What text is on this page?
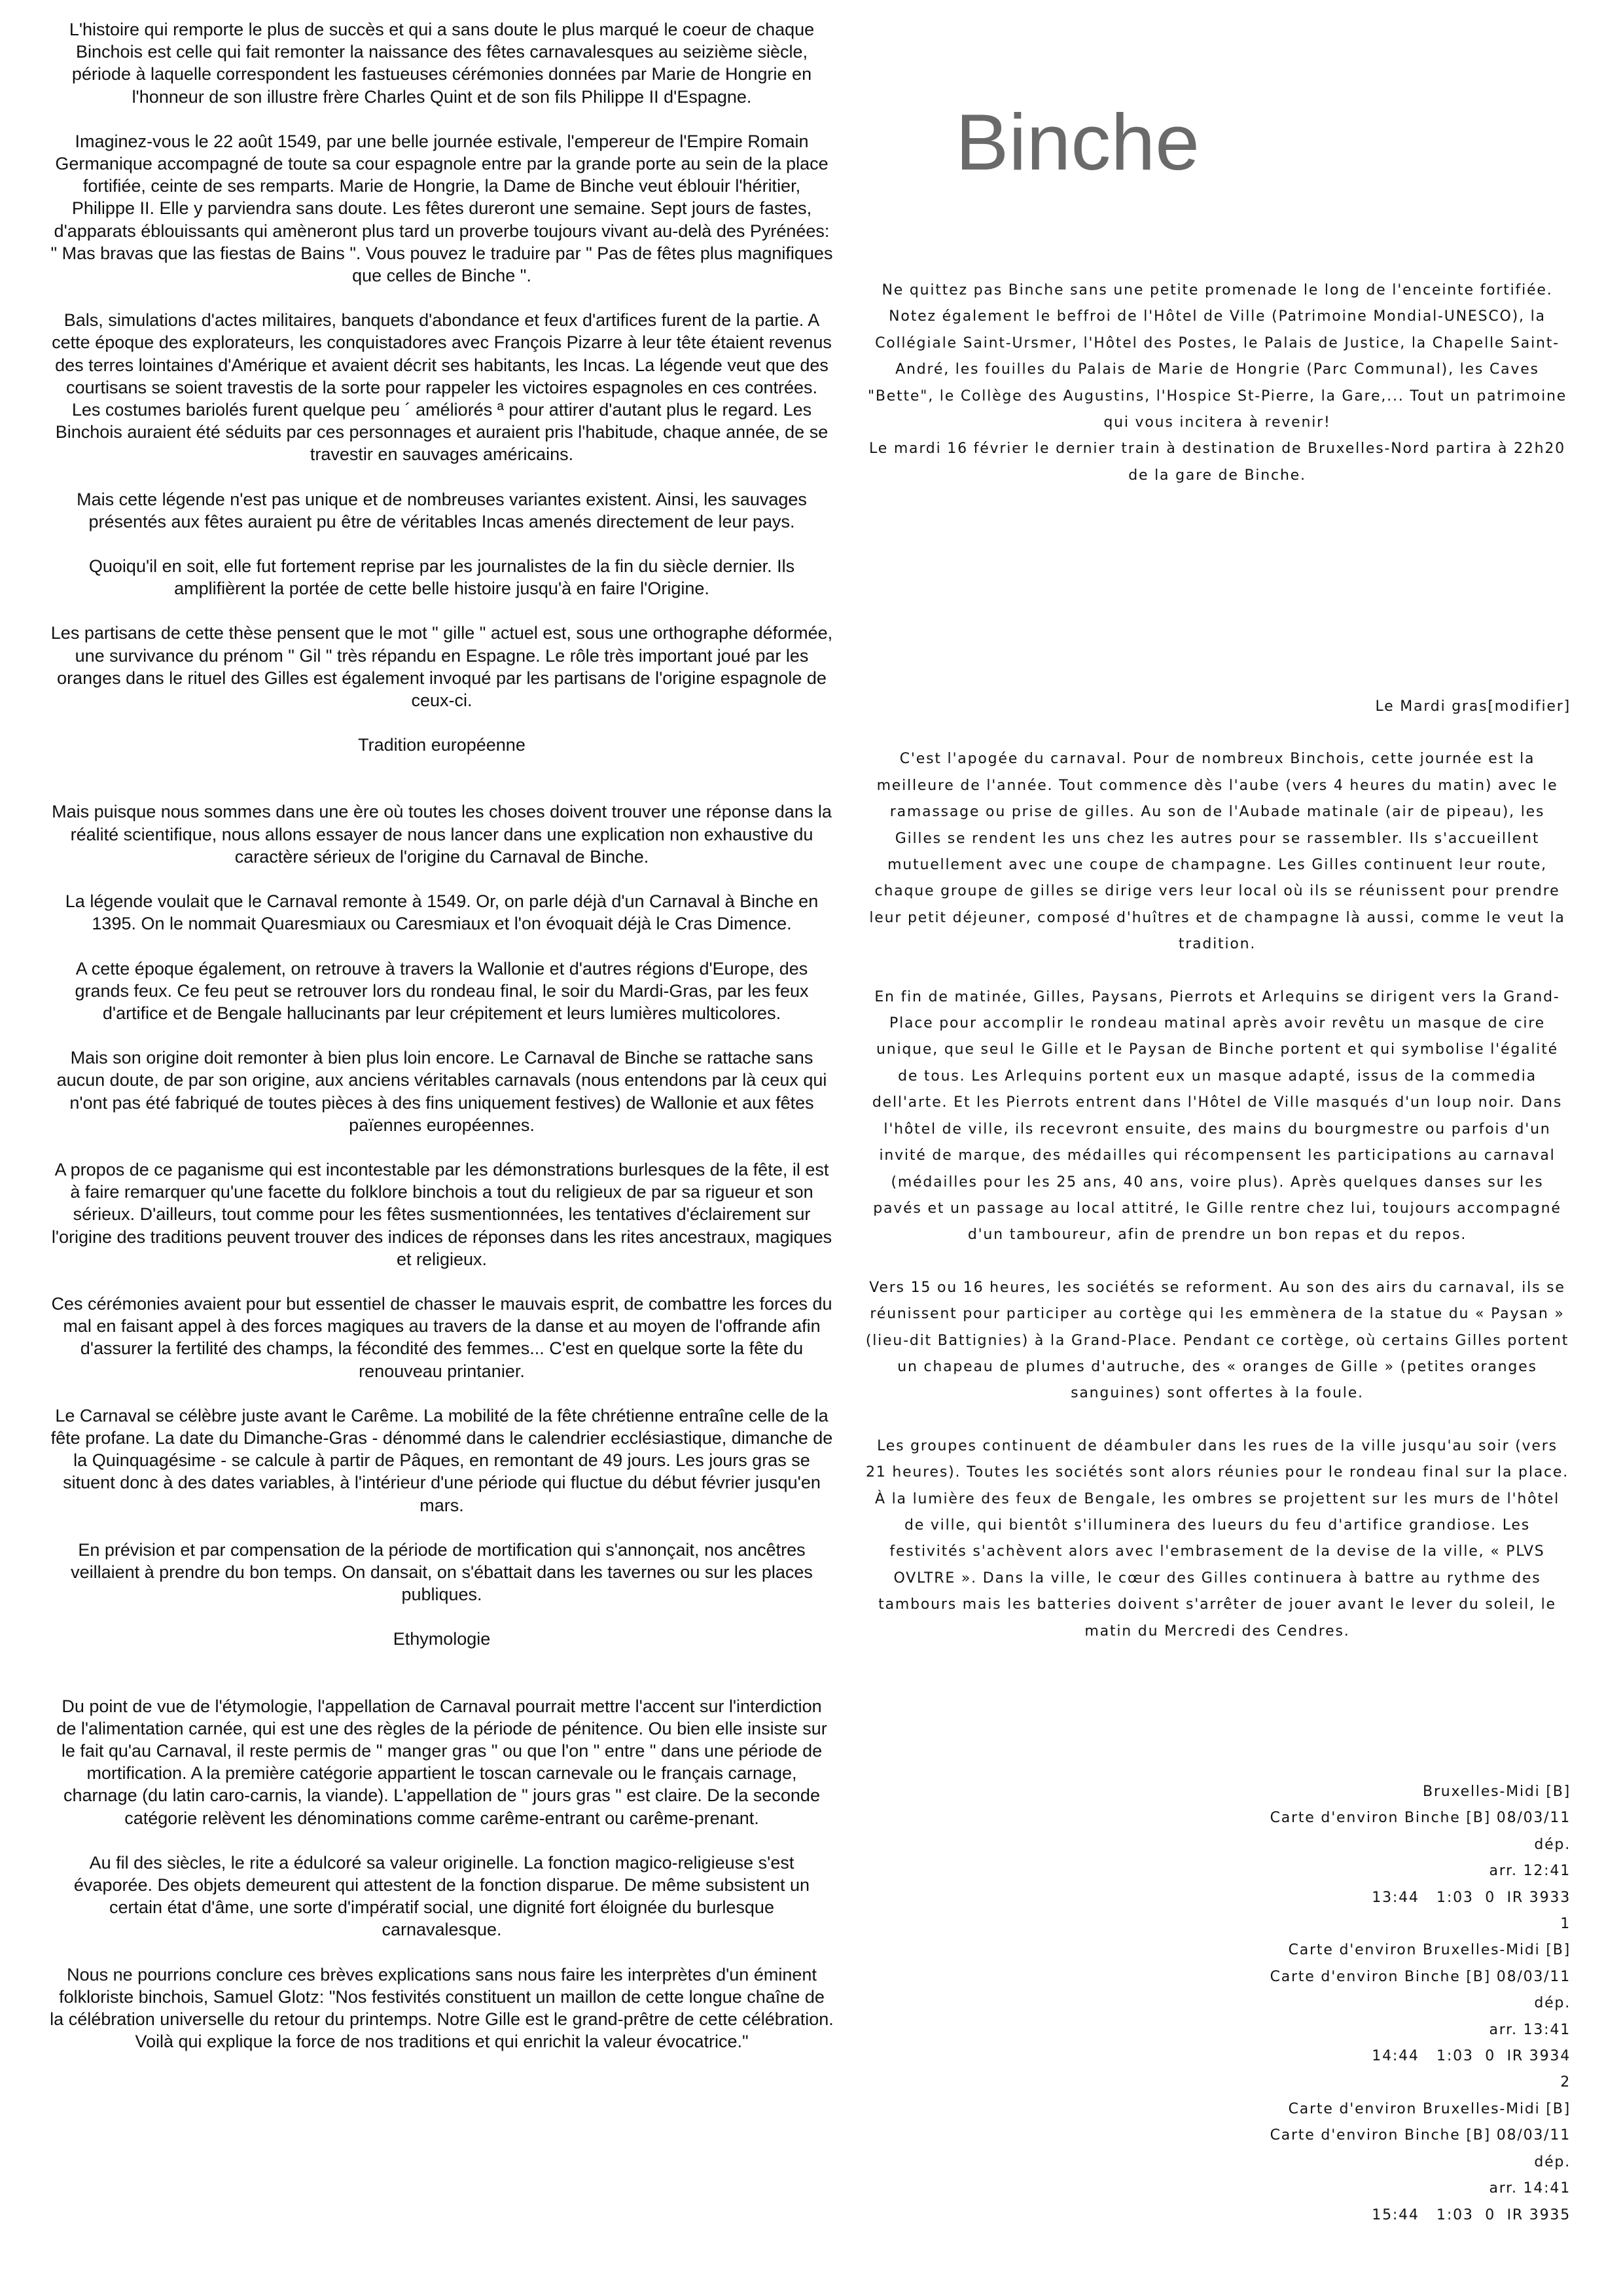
L'histoire qui remporte le plus de succès et qui a sans doute le plus marqué le coeur de chaque Binchois est celle qui fait remonter la naissance des fêtes carnavalesques au seizième siècle, période à laquelle correspondent les fastueuses cérémonies données par Marie de Hongrie en l'honneur de son illustre frère Charles Quint et de son fils Philippe II d'Espagne.

Imaginez-vous le 22 août 1549, par une belle journée estivale, l'empereur de l'Empire Romain Germanique accompagné de toute sa cour espagnole entre par la grande porte au sein de la place fortifiée, ceinte de ses remparts. Marie de Hongrie, la Dame de Binche veut éblouir l'héritier, Philippe II. Elle y parviendra sans doute. Les fêtes dureront une semaine. Sept jours de fastes, d'apparats éblouissants qui amèneront plus tard un proverbe toujours vivant au-delà des Pyrénées: " Mas bravas que las fiestas de Bains ". Vous pouvez le traduire par " Pas de fêtes plus magnifiques que celles de Binche ".

Bals, simulations d'actes militaires, banquets d'abondance et feux d'artifices furent de la partie. A cette époque des explorateurs, les conquistadores avec François Pizarre à leur tête étaient revenus des terres lointaines d'Amérique et avaient décrit ses habitants, les Incas. La légende veut que des courtisans se soient travestis de la sorte pour rappeler les victoires espagnoles en ces contrées. Les costumes bariolés furent quelque peu ´ améliorés ª pour attirer d'autant plus le regard. Les Binchois auraient été séduits par ces personnages et auraient pris l'habitude, chaque année, de se travestir en sauvages américains.

Mais cette légende n'est pas unique et de nombreuses variantes existent. Ainsi, les sauvages présentés aux fêtes auraient pu être de véritables Incas amenés directement de leur pays.

Quoiqu'il en soit, elle fut fortement reprise par les journalistes de la fin du siècle dernier. Ils amplifièrent la portée de cette belle histoire jusqu'à en faire l'Origine.

Les partisans de cette thèse pensent que le mot " gille " actuel est, sous une orthographe déformée, une survivance du prénom " Gil " très répandu en Espagne. Le rôle très important joué par les oranges dans le rituel des Gilles est également invoqué par les partisans de l'origine espagnole de ceux-ci.

Tradition européenne

Mais puisque nous sommes dans une ère où toutes les choses doivent trouver une réponse dans la réalité scientifique, nous allons essayer de nous lancer dans une explication non exhaustive du caractère sérieux de l'origine du Carnaval de Binche.

La légende voulait que le Carnaval remonte à 1549. Or, on parle déjà d'un Carnaval à Binche en 1395. On le nommait Quaresmiaux ou Caresmiaux et l'on évoquait déjà le Cras Dimence.

A cette époque également, on retrouve à travers la Wallonie et d'autres régions d'Europe, des grands feux. Ce feu peut se retrouver lors du rondeau final, le soir du Mardi-Gras, par les feux d'artifice et de Bengale hallucinants par leur crépitement et leurs lumières multicolores.

Mais son origine doit remonter à bien plus loin encore. Le Carnaval de Binche se rattache sans aucun doute, de par son origine, aux anciens véritables carnavals (nous entendons par là ceux qui n'ont pas été fabriqué de toutes pièces à des fins uniquement festives) de Wallonie et aux fêtes païennes européennes.

A propos de ce paganisme qui est incontestable par les démonstrations burlesques de la fête, il est à faire remarquer qu'une facette du folklore binchois a tout du religieux de par sa rigueur et son sérieux. D'ailleurs, tout comme pour les fêtes susmentionnées, les tentatives d'éclairement sur l'origine des traditions peuvent trouver des indices de réponses dans les rites ancestraux, magiques et religieux.

Ces cérémonies avaient pour but essentiel de chasser le mauvais esprit, de combattre les forces du mal en faisant appel à des forces magiques au travers de la danse et au moyen de l'offrande afin d'assurer la fertilité des champs, la fécondité des femmes... C'est en quelque sorte la fête du renouveau printanier.

Le Carnaval se célèbre juste avant le Carême. La mobilité de la fête chrétienne entraîne celle de la fête profane. La date du Dimanche-Gras - dénommé dans le calendrier ecclésiastique, dimanche de la Quinquagésime - se calcule à partir de Pâques, en remontant de 49 jours. Les jours gras se situent donc à des dates variables, à l'intérieur d'une période qui fluctue du début février jusqu'en mars.

En prévision et par compensation de la période de mortification qui s'annonçait, nos ancêtres veillaient à prendre du bon temps. On dansait, on s'ébattait dans les tavernes ou sur les places publiques.

Ethymologie

Du point de vue de l'étymologie, l'appellation de Carnaval pourrait mettre l'accent sur l'interdiction de l'alimentation carnée, qui est une des règles de la période de pénitence. Ou bien elle insiste sur le fait qu'au Carnaval, il reste permis de " manger gras " ou que l'on " entre " dans une période de mortification. A la première catégorie appartient le toscan carnevale ou le français carnage, charnage (du latin caro-carnis, la viande). L'appellation de " jours gras " est claire. De la seconde catégorie relèvent les dénominations comme carême-entrant ou carême-prenant.

Au fil des siècles, le rite a édulcoré sa valeur originelle. La fonction magico-religieuse s'est évaporée. Des objets demeurent qui attestent de la fonction disparue. De même subsistent un certain état d'âme, une sorte d'impératif social, une dignité fort éloignée du burlesque carnavalesque.

Nous ne pourrions conclure ces brèves explications sans nous faire les interprètes d'un éminent folkloriste binchois, Samuel Glotz: "Nos festivités constituent un maillon de cette longue chaîne de la célébration universelle du retour du printemps. Notre Gille est le grand-prêtre de cette célébration. Voilà qui explique la force de nos traditions et qui enrichit la valeur évocatrice."

Binche

Ne quittez pas Binche sans une petite promenade le long de l'enceinte fortifiée. Notez également le beffroi de l'Hôtel de Ville (Patrimoine Mondial-UNESCO), la Collégiale Saint-Ursmer, l'Hôtel des Postes, le Palais de Justice, la Chapelle Saint-André, les fouilles du Palais de Marie de Hongrie (Parc Communal), les Caves "Bette", le Collège des Augustins, l'Hospice St-Pierre, la Gare,... Tout un patrimoine qui vous incitera à revenir!

Le mardi 16 février le dernier train à destination de Bruxelles-Nord partira à 22h20 de la gare de Binche.

Le Mardi gras[modifier]

C'est l'apogée du carnaval. Pour de nombreux Binchois, cette journée est la meilleure de l'année. Tout commence dès l'aube (vers 4 heures du matin) avec le ramassage ou prise de gilles. Au son de l'Aubade matinale (air de pipeau), les Gilles se rendent les uns chez les autres pour se rassembler. Ils s'accueillent mutuellement avec une coupe de champagne. Les Gilles continuent leur route, chaque groupe de gilles se dirige vers leur local où ils se réunissent pour prendre leur petit déjeuner, composé d'huîtres et de champagne là aussi, comme le veut la tradition.

En fin de matinée, Gilles, Paysans, Pierrots et Arlequins se dirigent vers la Grand-Place pour accomplir le rondeau matinal après avoir revêtu un masque de cire unique, que seul le Gille et le Paysan de Binche portent et qui symbolise l'égalité de tous. Les Arlequins portent eux un masque adapté, issus de la commedia dell'arte. Et les Pierrots entrent dans l'Hôtel de Ville masqués d'un loup noir. Dans l'hôtel de ville, ils recevront ensuite, des mains du bourgmestre ou parfois d'un invité de marque, des médailles qui récompensent les participations au carnaval (médailles pour les 25 ans, 40 ans, voire plus). Après quelques danses sur les pavés et un passage au local attitré, le Gille rentre chez lui, toujours accompagné d'un tamboureur, afin de prendre un bon repas et du repos.

Vers 15 ou 16 heures, les sociétés se reforment. Au son des airs du carnaval, ils se réunissent pour participer au cortège qui les emmènera de la statue du « Paysan » (lieu-dit Battignies) à la Grand-Place. Pendant ce cortège, où certains Gilles portent un chapeau de plumes d'autruche, des « oranges de Gille » (petites oranges sanguines) sont offertes à la foule.

Les groupes continuent de déambuler dans les rues de la ville jusqu'au soir (vers 21 heures). Toutes les sociétés sont alors réunies pour le rondeau final sur la place. À la lumière des feux de Bengale, les ombres se projettent sur les murs de l'hôtel de ville, qui bientôt s'illuminera des lueurs du feu d'artifice grandiose. Les festivités s'achèvent alors avec l'embrasement de la devise de la ville, « PLVS OVLTRE ». Dans la ville, le cœur des Gilles continuera à battre au rythme des tambours mais les batteries doivent s'arrêter de jouer avant le lever du soleil, le matin du Mercredi des Cendres.

Bruxelles-Midi [B]
Carte d'environ Binche [B] 08/03/11
dép.
arr. 12:41
13:44   1:03  0  IR 3933
1
Carte d'environ Bruxelles-Midi [B]
Carte d'environ Binche [B] 08/03/11
dép.
arr. 13:41
14:44   1:03  0  IR 3934
2
Carte d'environ Bruxelles-Midi [B]
Carte d'environ Binche [B] 08/03/11
dép.
arr. 14:41
15:44   1:03  0  IR 3935
